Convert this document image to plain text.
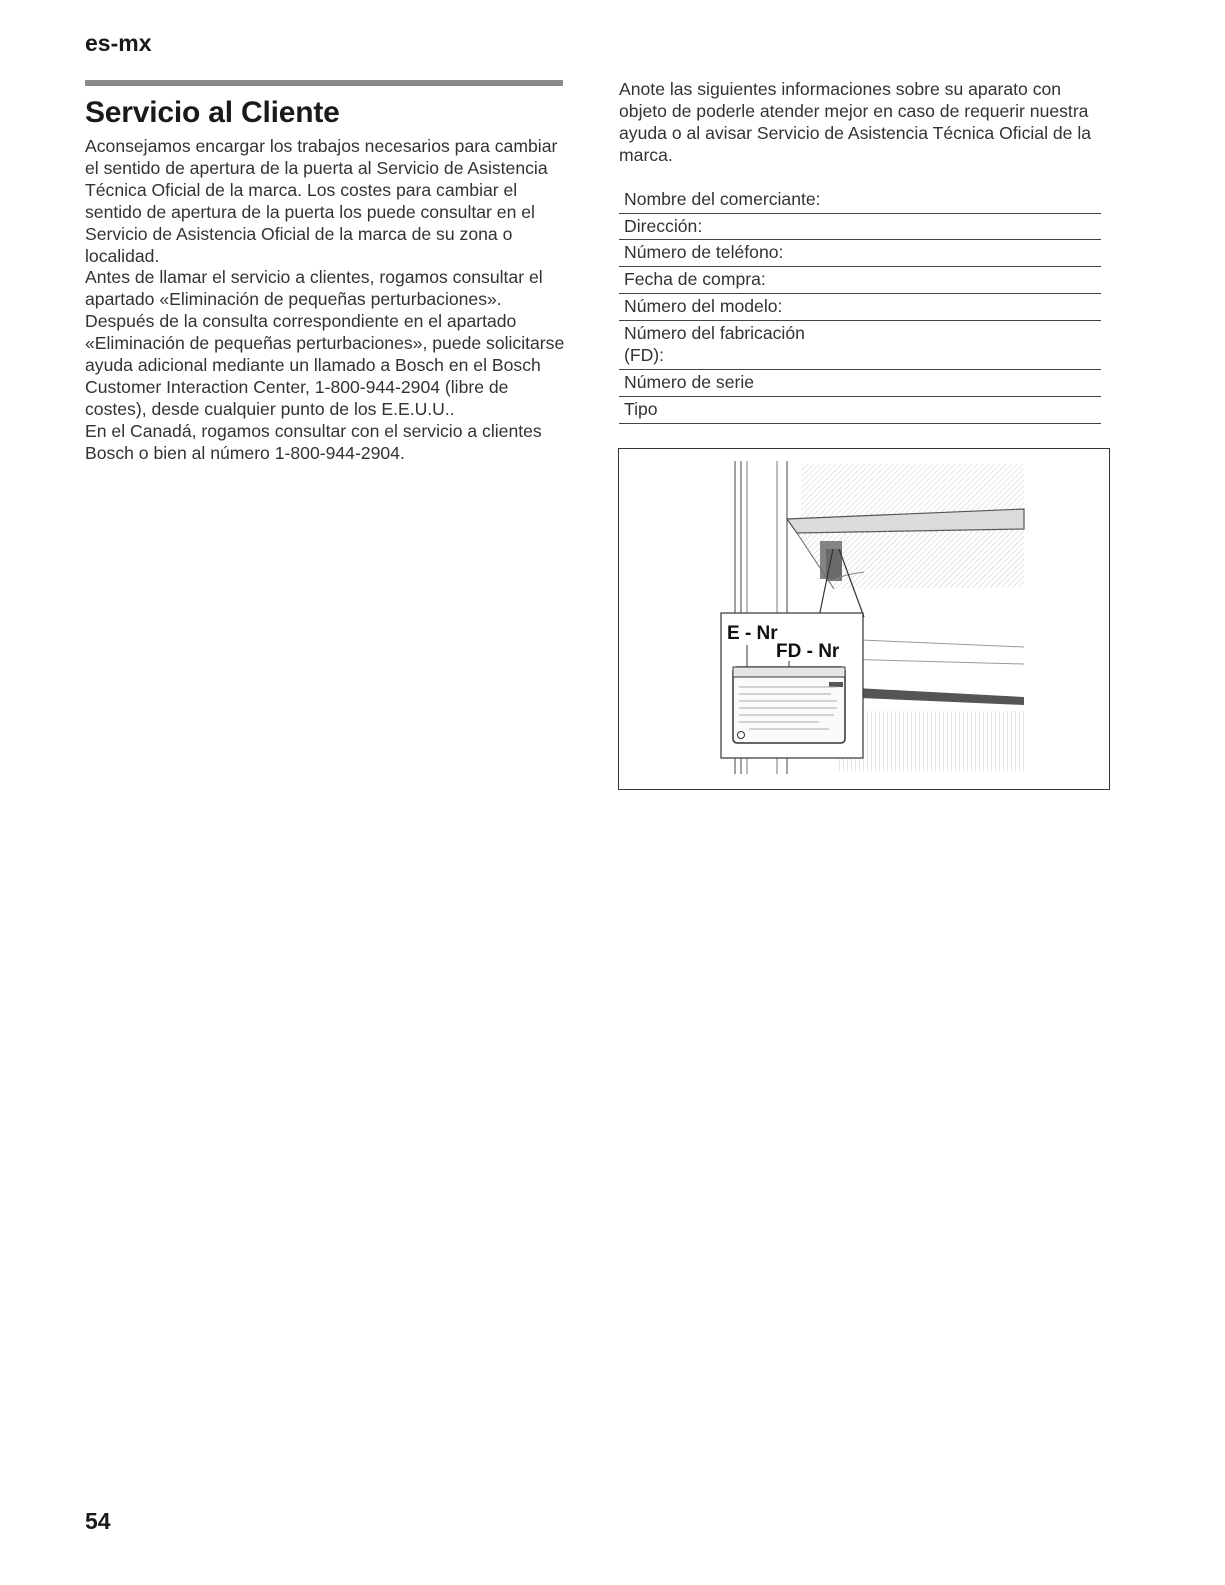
es-mx
Servicio al Cliente

Aconsejamos encargar los trabajos necesarios para cambiar el sentido de apertura de la puerta al Servicio de Asistencia Técnica Oficial de la marca. Los costes para cambiar el sentido de apertura de la puerta los puede consultar en el Servicio de Asistencia Oficial de la marca de su zona o localidad.

Antes de llamar el servicio a clientes, rogamos consultar el apartado «Eliminación de pequeñas perturbaciones».

Después de la consulta correspondiente en el apartado «Eliminación de pequeñas perturbaciones», puede solicitarse ayuda adicional mediante un llamado a Bosch en el Bosch Customer Interaction Center, 1-800-944-2904 (libre de costes), desde cualquier punto de los E.E.U.U..

En el Canadá, rogamos consultar con el servicio a clientes Bosch o bien al número 1-800-944-2904.

Anote las siguientes informaciones sobre su aparato con objeto de poderle atender mejor en caso de requerir nuestra ayuda o al avisar Servicio de Asistencia Técnica Oficial de la marca.

Nombre del comerciante:
Dirección:
Número de teléfono:
Fecha de compra:
Número del modelo:
Número del fabricación
(FD):
Número de serie
Tipo
E - Nr
FD - Nr
54
